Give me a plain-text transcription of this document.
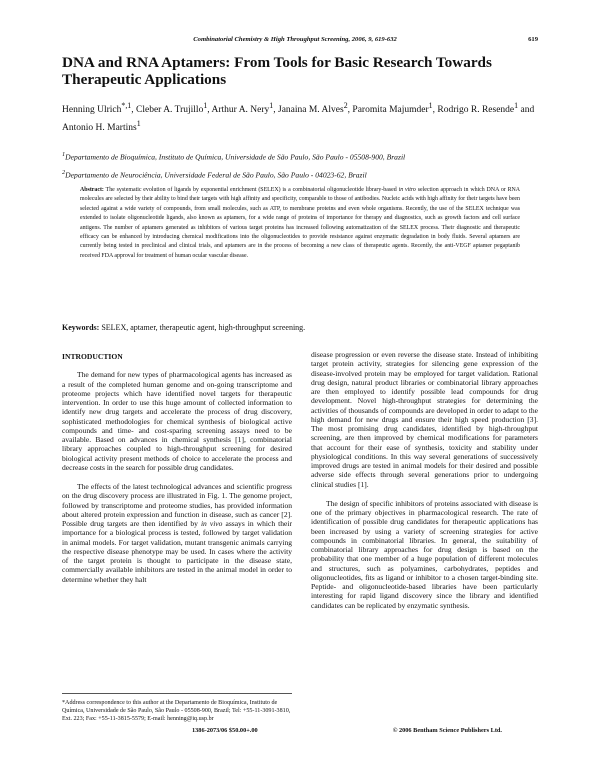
Combinatorial Chemistry & High Throughput Screening, 2006, 9, 619-632	619
DNA and RNA Aptamers: From Tools for Basic Research Towards Therapeutic Applications
Henning Ulrich$^{*,1}$, Cleber A. Trujillo$^1$, Arthur A. Nery$^1$, Janaina M. Alves$^2$, Paromita Majumder$^1$, Rodrigo R. Resende$^1$ and Antonio H. Martins$^1$
$^1$Departamento de Bioquímica, Instituto de Química, Universidade de São Paulo, São Paulo - 05508-900, Brazil
$^2$Departamento de Neurociência, Universidade Federal de São Paulo, São Paulo - 04023-62, Brazil
Abstract: The systematic evolution of ligands by exponential enrichment (SELEX) is a combinatorial oligonucleotide library-based in vitro selection approach in which DNA or RNA molecules are selected by their ability to bind their targets with high affinity and specificity, comparable to those of antibodies. Nucleic acids with high affinity for their targets have been selected against a wide variety of compounds, from small molecules, such as ATP, to membrane proteins and even whole organisms. Recently, the use of the SELEX technique was extended to isolate oligonucleotide ligands, also known as aptamers, for a wide range of proteins of importance for therapy and diagnostics, such as growth factors and cell surface antigens. The number of aptamers generated as inhibitors of various target proteins has increased following automatization of the SELEX process. Their diagnostic and therapeutic efficacy can be enhanced by introducing chemical modifications into the oligonucleotides to provide resistance against enzymatic degradation in body fluids. Several aptamers are currently being tested in preclinical and clinical trials, and aptamers are in the process of becoming a new class of therapeutic agents. Recently, the anti-VEGF aptamer pegaptanib received FDA approval for treatment of human ocular vascular disease.
Keywords: SELEX, aptamer, therapeutic agent, high-throughput screening.
INTRODUCTION

The demand for new types of pharmacological agents has increased as a result of the completed human genome and on-going transcriptome and proteome projects which have identified novel targets for therapeutic intervention. In order to use this huge amount of collected information to identify new drug targets and accelerate the process of drug discovery, sophisticated methodologies for chemical synthesis of biological active compounds and time- and cost-sparing screening assays need to be available. Based on advances in chemical synthesis [1], combinatorial library approaches coupled to high-throughput screening for desired biological activity present methods of choice to accelerate the process and decrease costs in the search for possible drug candidates.

The effects of the latest technological advances and scientific progress on the drug discovery process are illustrated in Fig. 1. The genome project, followed by transcriptome and proteome studies, has provided information about altered protein expression and function in disease, such as cancer [2]. Possible drug targets are then identified by in vivo assays in which their importance for a biological process is tested, followed by target validation in animal models. For target validation, mutant transgenic animals carrying the respective disease phenotype may be used. In cases where the activity of the target protein is thought to participate in the disease state, commercially available inhibitors are tested in the animal model in order to determine whether they halt

disease progression or even reverse the disease state. Instead of inhibiting target protein activity, strategies for silencing gene expression of the disease-involved protein may be employed for target validation. Rational drug design, natural product libraries or combinatorial library approaches are then employed to identify possible lead compounds for drug development. Novel high-throughput strategies for determining the activities of thousands of compounds are developed in order to adapt to the high demand for new drugs and ensure their high speed production [3]. The most promising drug candidates, identified by high-throughput screening, are then improved by chemical modifications for parameters that account for their ease of synthesis, toxicity and stability under physiological conditions. In this way several generations of successively improved drugs are tested in animal models for their desired and possible adverse side effects through several generations prior to undergoing clinical studies [1].

The design of specific inhibitors of proteins associated with disease is one of the primary objectives in pharmacological research. The rate of identification of possible drug candidates for therapeutic applications has been increased by using a variety of screening strategies for active compounds in combinatorial libraries. In general, the suitability of combinatorial library approaches for drug design is based on the probability that one member of a huge population of different molecules and structures, such as polyamines, carbohydrates, peptides and oligonucleotides, fits as ligand or inhibitor to a chosen target-binding site. Peptide- and oligonucleotide-based libraries have been particularly interesting for rapid ligand discovery since the library and identified candidates can be replicated by enzymatic synthesis.

*Address correspondence to this author at the Departamento de Bioquímica, Instituto de Química, Universidade de São Paulo, São Paulo - 05508-900, Brazil; Tel: +55-11-3091-3810, Ext. 223; Fax: +55-11-3815-5579; E-mail: henning@iq.usp.br
1386-2073/06 $50.00+.00	© 2006 Bentham Science Publishers Ltd.
